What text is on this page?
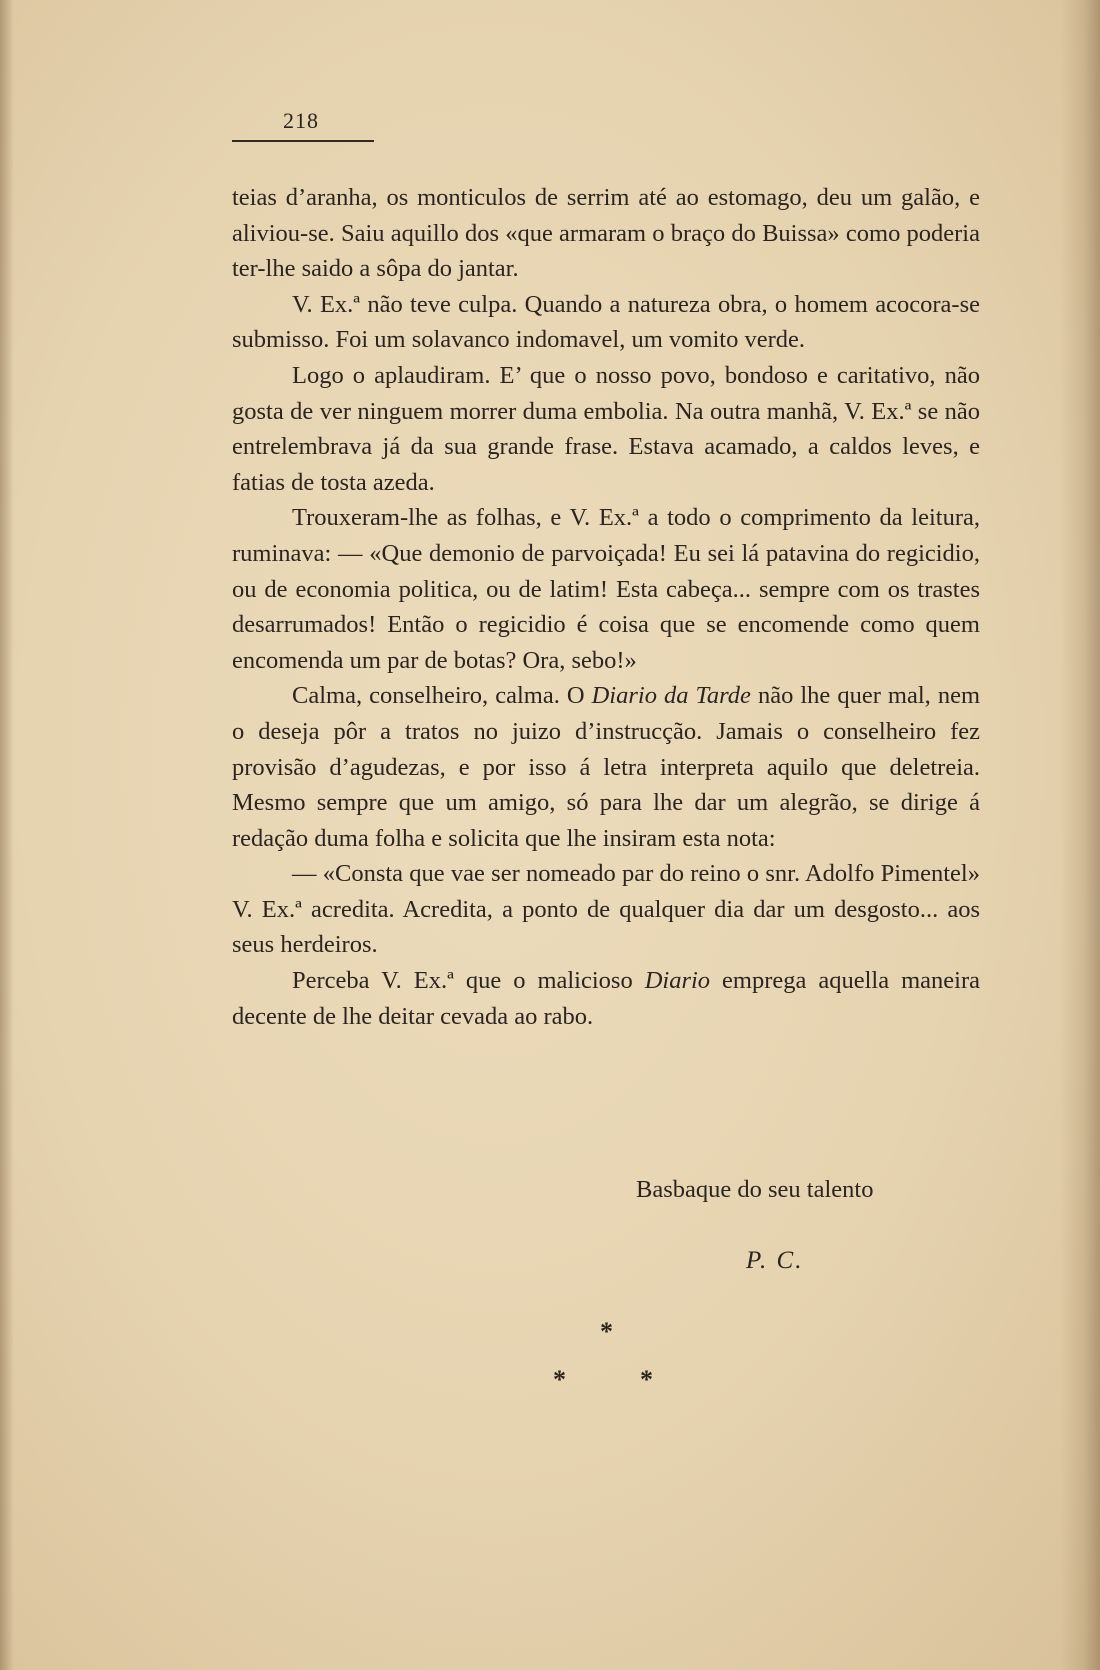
218

teias d’aranha, os monticulos de serrim até ao estomago, deu um galão, e aliviou-se. Saiu aquillo dos «que armaram o braço do Buissa» como poderia ter-lhe saido a sôpa do jantar.

V. Ex.ª não teve culpa. Quando a natureza obra, o homem acocora-se submisso. Foi um solavanco indomavel, um vomito verde.

Logo o aplaudiram. E’ que o nosso povo, bondoso e caritativo, não gosta de ver ninguem morrer duma embolia. Na outra manhã, V. Ex.ª se não entrelembrava já da sua grande frase. Estava acamado, a caldos leves, e fatias de tosta azeda.

Trouxeram-lhe as folhas, e V. Ex.ª a todo o comprimento da leitura, ruminava: — «Que demonio de parvoiçada! Eu sei lá patavina do regicidio, ou de economia politica, ou de latim! Esta cabeça... sempre com os trastes desarrumados! Então o regicidio é coisa que se encomende como quem encomenda um par de botas? Ora, sebo!»

Calma, conselheiro, calma. O Diario da Tarde não lhe quer mal, nem o deseja pôr a tratos no juizo d’instrucção. Jamais o conselheiro fez provisão d’agudezas, e por isso á letra interpreta aquilo que deletreia. Mesmo sempre que um amigo, só para lhe dar um alegrão, se dirige á redação duma folha e solicita que lhe insiram esta nota:

— «Consta que vae ser nomeado par do reino o snr. Adolfo Pimentel» V. Ex.ª acredita. Acredita, a ponto de qualquer dia dar um desgosto... aos seus herdeiros.

Perceba V. Ex.ª que o malicioso Diario emprega aquella maneira decente de lhe deitar cevada ao rabo.

Basbaque do seu talento
P. C.
*
*	*
